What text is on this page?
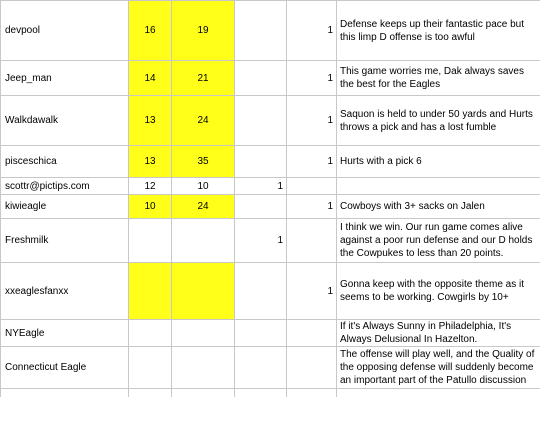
devpool	16	19		1	Defense keeps up their fantastic pace but this limp D offense is too awful
Jeep_man	14	21		1	This game worries me, Dak always saves the best for the Eagles
Walkdawalk	13	24		1	Saquon is held to under 50 yards and Hurts throws a pick and has a lost fumble
pisceschica	13	35		1	Hurts with a pick 6
scottr@pictips.com	12	10	1		
kiwieagle	10	24		1	Cowboys with 3+ sacks on Jalen
Freshmilk			1		I think we win. Our run game comes alive against a poor run defense and our D holds the Cowpukes to less than 20 points.
xxeaglesfanxx				1	Gonna keep with the opposite theme as it seems to be working. Cowgirls by 10+
NYEagle					If it's Always Sunny in Philadelphia, It's Always Delusional In Hazelton.
Connecticut Eagle					The offense will play well, and the Quality of the opposing defense will suddenly become an important part of the Patullo discussion
